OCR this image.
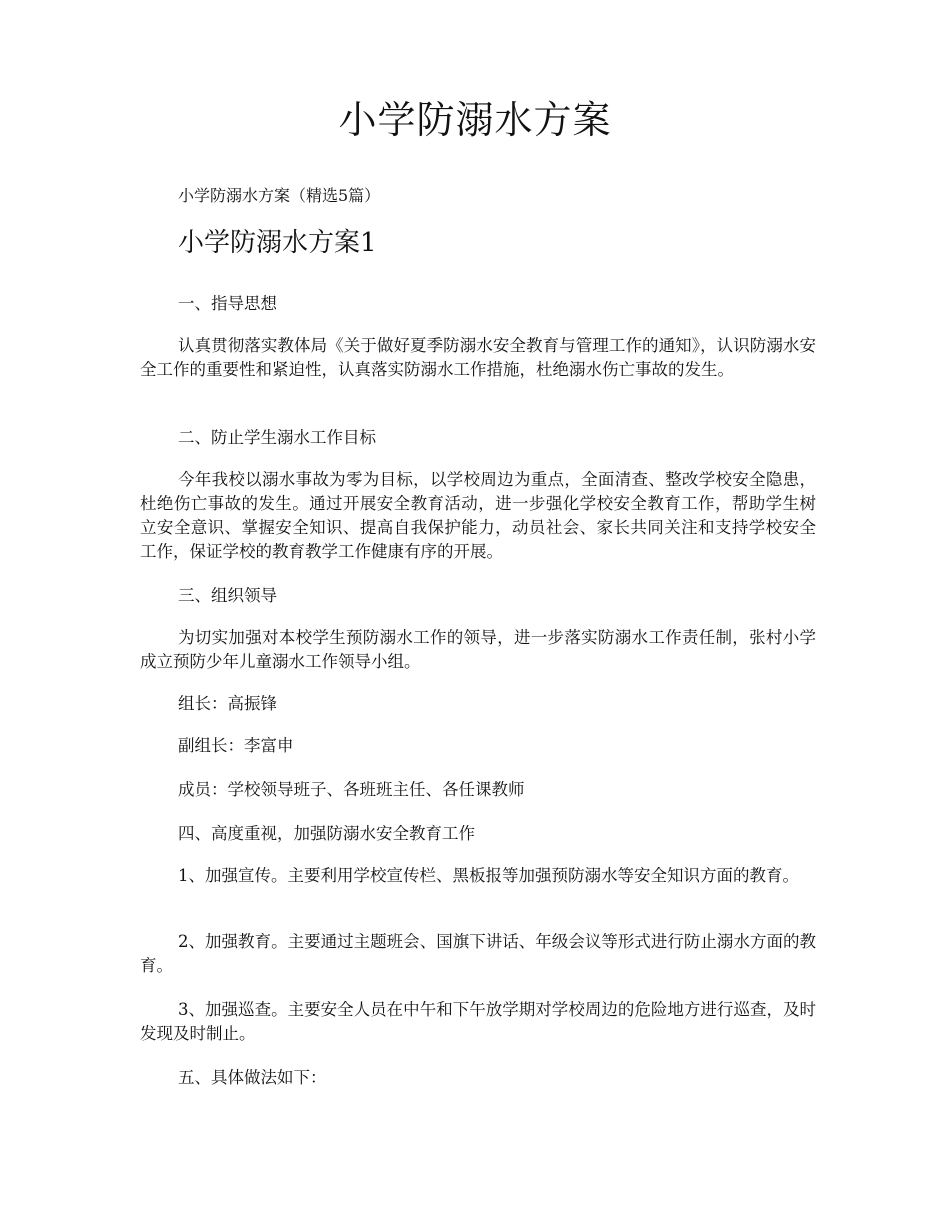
小学防溺水方案

小学防溺水方案（精选5篇）

小学防溺水方案1

一、指导思想

认真贯彻落实教体局《关于做好夏季防溺水安全教育与管理工作的通知》，认识防溺水安全工作的重要性和紧迫性，认真落实防溺水工作措施，杜绝溺水伤亡事故的发生。

二、防止学生溺水工作目标

今年我校以溺水事故为零为目标，以学校周边为重点，全面清查、整改学校安全隐患，杜绝伤亡事故的发生。通过开展安全教育活动，进一步强化学校安全教育工作，帮助学生树立安全意识、掌握安全知识、提高自我保护能力，动员社会、家长共同关注和支持学校安全工作，保证学校的教育教学工作健康有序的开展。

三、组织领导

为切实加强对本校学生预防溺水工作的领导，进一步落实防溺水工作责任制，张村小学成立预防少年儿童溺水工作领导小组。

组长：高振锋

副组长：李富申

成员：学校领导班子、各班班主任、各任课教师

四、高度重视，加强防溺水安全教育工作

1、加强宣传。主要利用学校宣传栏、黑板报等加强预防溺水等安全知识方面的教育。

2、加强教育。主要通过主题班会、国旗下讲话、年级会议等形式进行防止溺水方面的教育。

3、加强巡查。主要安全人员在中午和下午放学期对学校周边的危险地方进行巡查，及时发现及时制止。

五、具体做法如下：
